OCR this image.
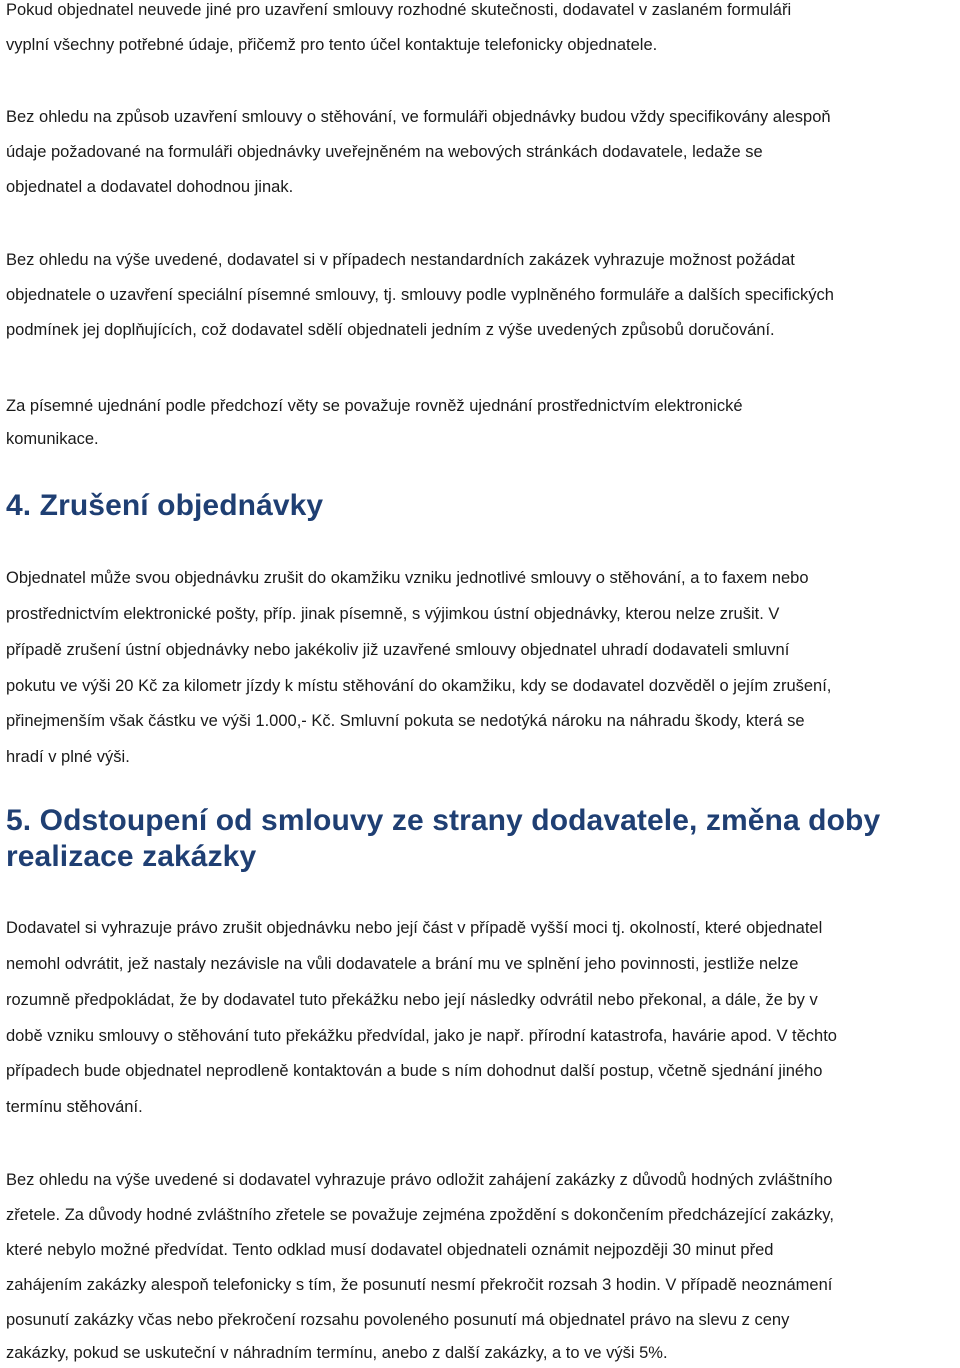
Pokud objednatel neuvede jiné pro uzavření smlouvy rozhodné skutečnosti, dodavatel v zaslaném formuláři
vyplní všechny potřebné údaje, přičemž pro tento účel kontaktuje telefonicky objednatele.
Bez ohledu na způsob uzavření smlouvy o stěhování, ve formuláři objednávky budou vždy specifikovány alespoň
údaje požadované na formuláři objednávky uveřejněném na webových stránkách dodavatele, ledaže se
objednatel a dodavatel dohodnou jinak.
Bez ohledu na výše uvedené, dodavatel si v případech nestandardních zakázek vyhrazuje možnost požádat
objednatele o uzavření speciální písemné smlouvy, tj. smlouvy podle vyplněného formuláře a dalších specifických
podmínek jej doplňujících, což dodavatel sdělí objednateli jedním z výše uvedených způsobů doručování.
Za písemné ujednání podle předchozí věty se považuje rovněž ujednání prostřednictvím elektronické
komunikace.
4. Zrušení objednávky
Objednatel může svou objednávku zrušit do okamžiku vzniku jednotlivé smlouvy o stěhování, a to faxem nebo
prostřednictvím elektronické pošty, příp. jinak písemně, s výjimkou ústní objednávky, kterou nelze zrušit. V
případě zrušení ústní objednávky nebo jakékoliv již uzavřené smlouvy objednatel uhradí dodavateli smluvní
pokutu ve výši 20 Kč za kilometr jízdy k místu stěhování do okamžiku, kdy se dodavatel dozvěděl o jejím zrušení,
přinejmenším však částku ve výši 1.000,- Kč. Smluvní pokuta se nedotýká nároku na náhradu škody, která se
hradí v plné výši.
5. Odstoupení od smlouvy ze strany dodavatele, změna doby
realizace zakázky
Dodavatel si vyhrazuje právo zrušit objednávku nebo její část v případě vyšší moci tj. okolností, které objednatel
nemohl odvrátit, jež nastaly nezávisle na vůli dodavatele a brání mu ve splnění jeho povinnosti, jestliže nelze
rozumně předpokládat, že by dodavatel tuto překážku nebo její následky odvrátil nebo překonal, a dále, že by v
době vzniku smlouvy o stěhování tuto překážku předvídal, jako je např. přírodní katastrofa, havárie apod. V těchto
případech bude objednatel neprodleně kontaktován a bude s ním dohodnut další postup, včetně sjednání jiného
termínu stěhování.
Bez ohledu na výše uvedené si dodavatel vyhrazuje právo odložit zahájení zakázky z důvodů hodných zvláštního
zřetele. Za důvody hodné zvláštního zřetele se považuje zejména zpoždění s dokončením předcházející zakázky,
které nebylo možné předvídat. Tento odklad musí dodavatel objednateli oznámit nejpozději 30 minut před
zahájením zakázky alespoň telefonicky s tím, že posunutí nesmí překročit rozsah 3 hodin. V případě neoznámení
posunutí zakázky včas nebo překročení rozsahu povoleného posunutí má objednatel právo na slevu z ceny
zakázky, pokud se uskuteční v náhradním termínu, anebo z další zakázky, a to ve výši 5%.
